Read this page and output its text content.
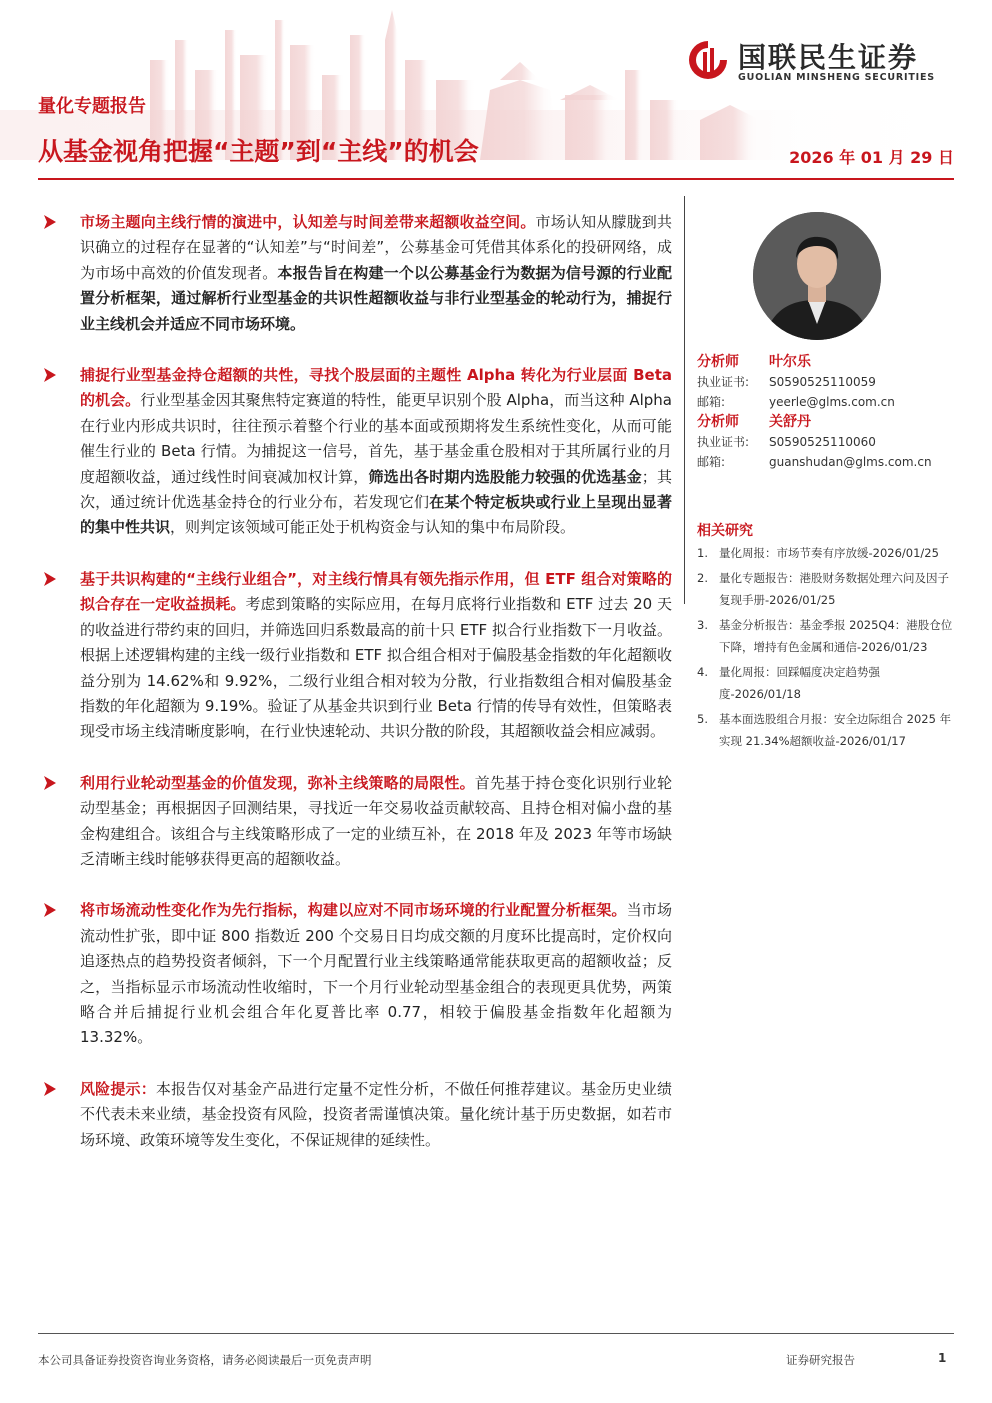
国联民生证券
GUOLIAN MINSHENG SECURITIES
量化专题报告
从基金视角把握“主题”到“主线”的机会	2026 年 01 月 29 日
市场主题向主线行情的演进中，认知差与时间差带来超额收益空间。市场认知从朦胧到共识确立的过程存在显著的“认知差”与“时间差”，公募基金可凭借其体系化的投研网络，成为市场中高效的价值发现者。本报告旨在构建一个以公募基金行为数据为信号源的行业配置分析框架，通过解析行业型基金的共识性超额收益与非行业型基金的轮动行为，捕捉行业主线机会并适应不同市场环境。
捕捉行业型基金持仓超额的共性，寻找个股层面的主题性 Alpha 转化为行业层面 Beta 的机会。行业型基金因其聚焦特定赛道的特性，能更早识别个股 Alpha，而当这种 Alpha 在行业内形成共识时，往往预示着整个行业的基本面或预期将发生系统性变化，从而可能催生行业的 Beta 行情。为捕捉这一信号，首先，基于基金重仓股相对于其所属行业的月度超额收益，通过线性时间衰减加权计算，筛选出各时期内选股能力较强的优选基金；其次，通过统计优选基金持仓的行业分布，若发现它们在某个特定板块或行业上呈现出显著的集中性共识，则判定该领域可能正处于机构资金与认知的集中布局阶段。
基于共识构建的“主线行业组合”，对主线行情具有领先指示作用，但 ETF 组合对策略的拟合存在一定收益损耗。考虑到策略的实际应用，在每月底将行业指数和 ETF 过去 20 天的收益进行带约束的回归，并筛选回归系数最高的前十只 ETF 拟合行业指数下一月收益。根据上述逻辑构建的主线一级行业指数和 ETF 拟合组合相对于偏股基金指数的年化超额收益分别为 14.62%和 9.92%，二级行业组合相对较为分散，行业指数组合相对偏股基金指数的年化超额为 9.19%。验证了从基金共识到行业 Beta 行情的传导有效性，但策略表现受市场主线清晰度影响，在行业快速轮动、共识分散的阶段，其超额收益会相应减弱。
利用行业轮动型基金的价值发现，弥补主线策略的局限性。首先基于持仓变化识别行业轮动型基金；再根据因子回测结果，寻找近一年交易收益贡献较高、且持仓相对偏小盘的基金构建组合。该组合与主线策略形成了一定的业绩互补，在 2018 年及 2023 年等市场缺乏清晰主线时能够获得更高的超额收益。
将市场流动性变化作为先行指标，构建以应对不同市场环境的行业配置分析框架。当市场流动性扩张，即中证 800 指数近 200 个交易日日均成交额的月度环比提高时，定价权向追逐热点的趋势投资者倾斜，下一个月配置行业主线策略通常能获取更高的超额收益；反之，当指标显示市场流动性收缩时，下一个月行业轮动型基金组合的表现更具优势，两策略合并后捕捉行业机会组合年化夏普比率 0.77，相较于偏股基金指数年化超额为 13.32%。
风险提示：本报告仅对基金产品进行定量不定性分析，不做任何推荐建议。基金历史业绩不代表未来业绩，基金投资有风险，投资者需谨慎决策。量化统计基于历史数据，如若市场环境、政策环境等发生变化，不保证规律的延续性。
分析师 叶尔乐
执业证书: S0590525110059
邮箱:	yeerle@glms.com.cn
分析师 关舒丹
执业证书: S0590525110060
邮箱:	guanshudan@glms.com.cn
相关研究
1. 量化周报：市场节奏有序放缓-2026/01/25
2. 量化专题报告：港股财务数据处理六问及因子复现手册-2026/01/25
3. 基金分析报告：基金季报 2025Q4：港股仓位下降，增持有色金属和通信-2026/01/23
4. 量化周报：回踩幅度决定趋势强度-2026/01/18
5. 基本面选股组合月报：安全边际组合 2025 年实现 21.34%超额收益-2026/01/17
本公司具备证券投资咨询业务资格，请务必阅读最后一页免责声明	证券研究报告	1
